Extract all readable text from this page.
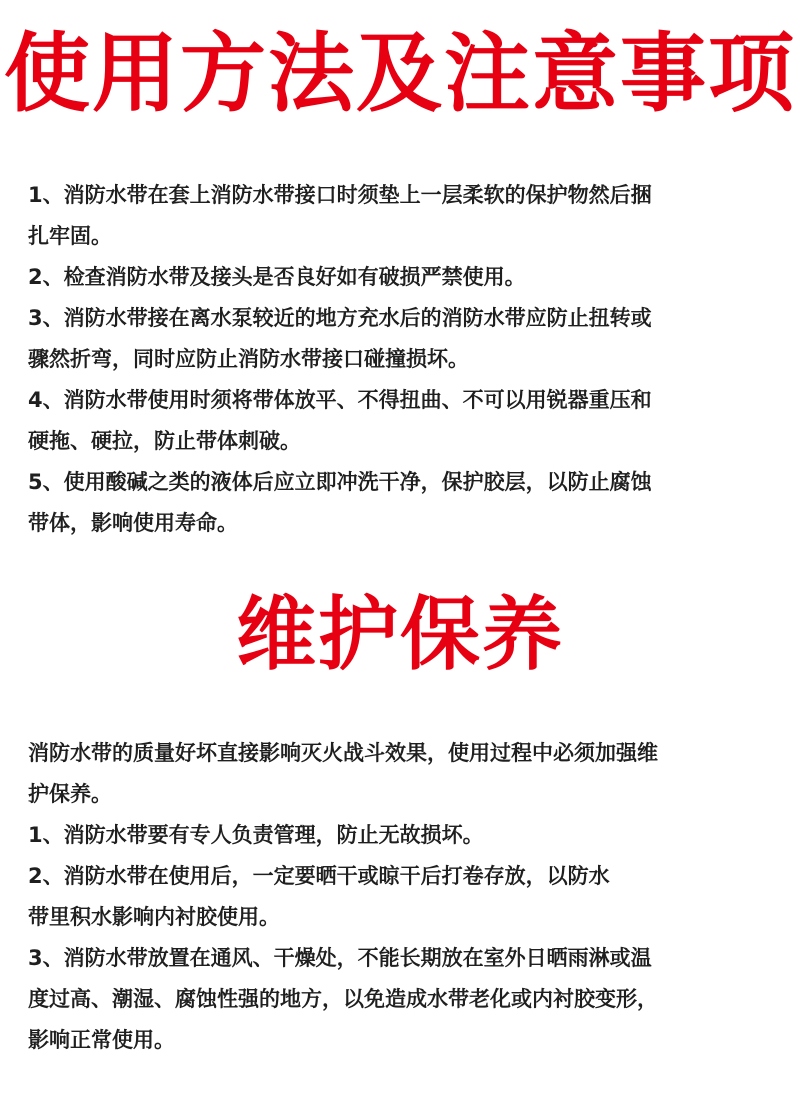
使用方法及注意事项

1、消防水带在套上消防水带接口时须垫上一层柔软的保护物然后捆

扎牢固。

2、检查消防水带及接头是否良好如有破损严禁使用。

3、消防水带接在离水泵较近的地方充水后的消防水带应防止扭转或

骤然折弯，同时应防止消防水带接口碰撞损坏。

4、消防水带使用时须将带体放平、不得扭曲、不可以用锐器重压和

硬拖、硬拉，防止带体刺破。

5、使用酸碱之类的液体后应立即冲洗干净，保护胶层，以防止腐蚀

带体，影响使用寿命。

维护保养

消防水带的质量好坏直接影响灭火战斗效果，使用过程中必须加强维

护保养。

1、消防水带要有专人负责管理，防止无故损坏。

2、消防水带在使用后，一定要晒干或晾干后打卷存放，以防水

带里积水影响内衬胶使用。

3、消防水带放置在通风、干燥处，不能长期放在室外日晒雨淋或温

度过高、潮湿、腐蚀性强的地方，以免造成水带老化或内衬胶变形，

影响正常使用。
